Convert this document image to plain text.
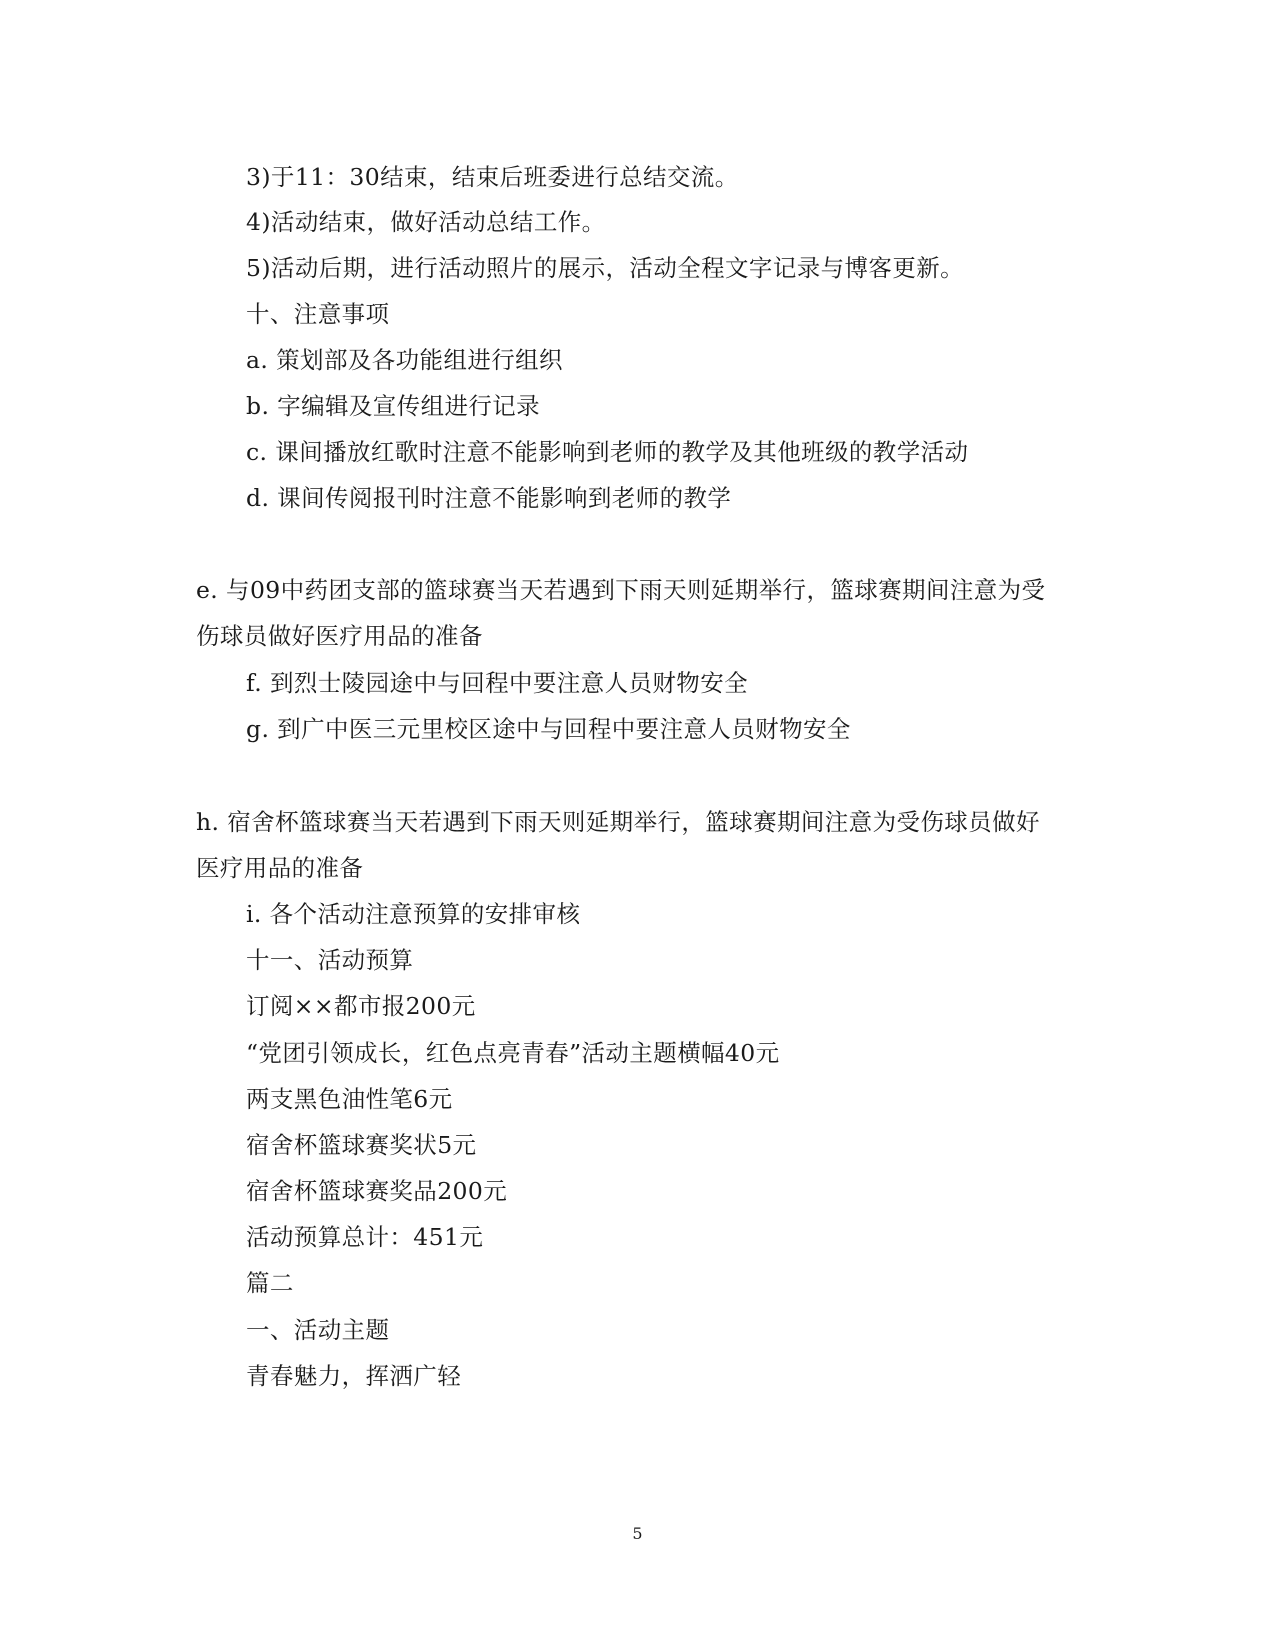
3)于11：30结束，结束后班委进行总结交流。
4)活动结束，做好活动总结工作。
5)活动后期，进行活动照片的展示，活动全程文字记录与博客更新。
十、注意事项
a. 策划部及各功能组进行组织
b. 字编辑及宣传组进行记录
c. 课间播放红歌时注意不能影响到老师的教学及其他班级的教学活动
d. 课间传阅报刊时注意不能影响到老师的教学
e. 与09中药团支部的篮球赛当天若遇到下雨天则延期举行，篮球赛期间注意为受
伤球员做好医疗用品的准备
f. 到烈士陵园途中与回程中要注意人员财物安全
g. 到广中医三元里校区途中与回程中要注意人员财物安全
h. 宿舍杯篮球赛当天若遇到下雨天则延期举行，篮球赛期间注意为受伤球员做好
医疗用品的准备
i. 各个活动注意预算的安排审核
十一、活动预算
订阅××都市报200元
“党团引领成长，红色点亮青春”活动主题横幅40元
两支黑色油性笔6元
宿舍杯篮球赛奖状5元
宿舍杯篮球赛奖品200元
活动预算总计：451元
篇二
一、活动主题
青春魅力，挥洒广轻
5
